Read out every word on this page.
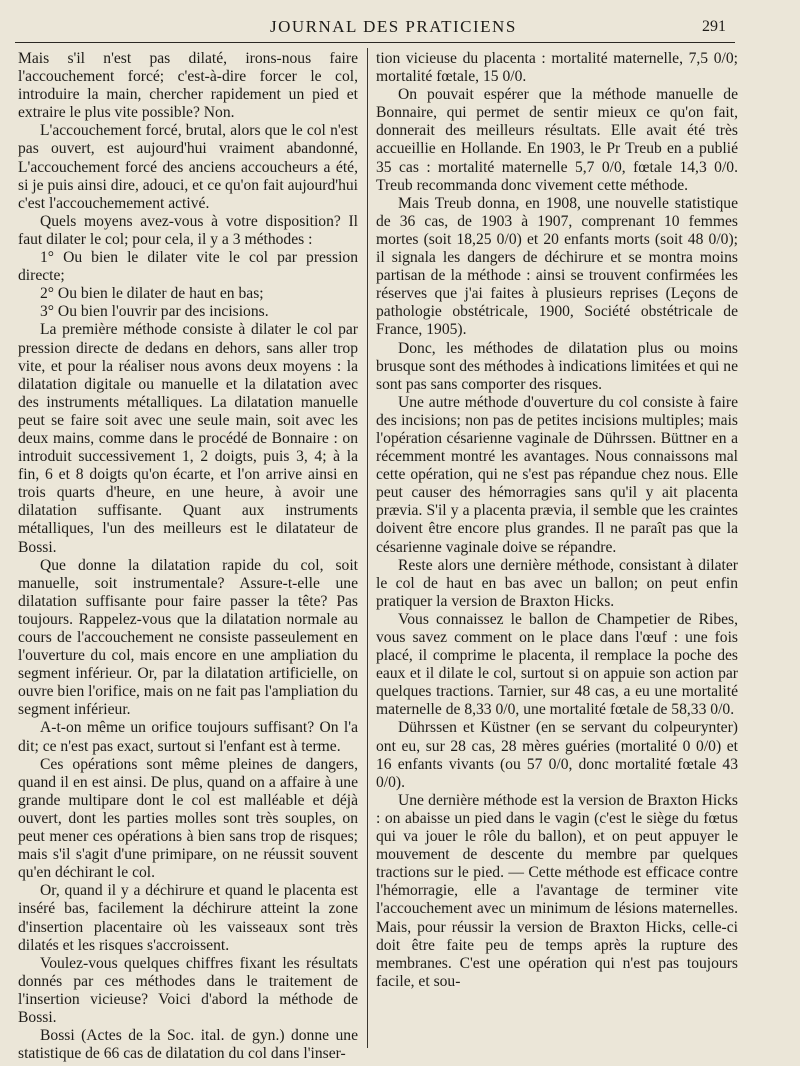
JOURNAL DES PRATICIENS	291

Mais s'il n'est pas dilaté, irons-nous faire l'accouchement forcé; c'est-à-dire forcer le col, introduire la main, chercher rapidement un pied et extraire le plus vite possible? Non.

L'accouchement forcé, brutal, alors que le col n'est pas ouvert, est aujourd'hui vraiment abandonné, L'accouchement forcé des anciens accoucheurs a été, si je puis ainsi dire, adouci, et ce qu'on fait aujourd'hui c'est l'accouchemement activé.

Quels moyens avez-vous à votre disposition? Il faut dilater le col; pour cela, il y a 3 méthodes :

1° Ou bien le dilater vite le col par pression directe;

2° Ou bien le dilater de haut en bas;

3° Ou bien l'ouvrir par des incisions.

La première méthode consiste à dilater le col par pression directe de dedans en dehors, sans aller trop vite, et pour la réaliser nous avons deux moyens : la dilatation digitale ou manuelle et la dilatation avec des instruments métalliques. La dilatation manuelle peut se faire soit avec une seule main, soit avec les deux mains, comme dans le procédé de Bonnaire : on introduit successivement 1, 2 doigts, puis 3, 4; à la fin, 6 et 8 doigts qu'on écarte, et l'on arrive ainsi en trois quarts d'heure, en une heure, à avoir une dilatation suffisante. Quant aux instruments métalliques, l'un des meilleurs est le dilatateur de Bossi.

Que donne la dilatation rapide du col, soit manuelle, soit instrumentale? Assure-t-elle une dilatation suffisante pour faire passer la tête? Pas toujours. Rappelez-vous que la dilatation normale au cours de l'accouchement ne consiste passeulement en l'ouverture du col, mais encore en une ampliation du segment inférieur. Or, par la dilatation artificielle, on ouvre bien l'orifice, mais on ne fait pas l'ampliation du segment inférieur.

A-t-on même un orifice toujours suffisant? On l'a dit; ce n'est pas exact, surtout si l'enfant est à terme.

Ces opérations sont même pleines de dangers, quand il en est ainsi. De plus, quand on a affaire à une grande multipare dont le col est malléable et déjà ouvert, dont les parties molles sont très souples, on peut mener ces opérations à bien sans trop de risques; mais s'il s'agit d'une primipare, on ne réussit souvent qu'en déchirant le col.

Or, quand il y a déchirure et quand le placenta est inséré bas, facilement la déchirure atteint la zone d'insertion placentaire où les vaisseaux sont très dilatés et les risques s'accroissent.

Voulez-vous quelques chiffres fixant les résultats donnés par ces méthodes dans le traitement de l'insertion vicieuse? Voici d'abord la méthode de Bossi.

Bossi (Actes de la Soc. ital. de gyn.) donne une statistique de 66 cas de dilatation du col dans l'inser-

tion vicieuse du placenta : mortalité maternelle, 7,5 0/0; mortalité fœtale, 15 0/0.

On pouvait espérer que la méthode manuelle de Bonnaire, qui permet de sentir mieux ce qu'on fait, donnerait des meilleurs résultats. Elle avait été très accueillie en Hollande. En 1903, le Pr Treub en a publié 35 cas : mortalité maternelle 5,7 0/0, fœtale 14,3 0/0. Treub recommanda donc vivement cette méthode.

Mais Treub donna, en 1908, une nouvelle statistique de 36 cas, de 1903 à 1907, comprenant 10 femmes mortes (soit 18,25 0/0) et 20 enfants morts (soit 48 0/0); il signala les dangers de déchirure et se montra moins partisan de la méthode : ainsi se trouvent confirmées les réserves que j'ai faites à plusieurs reprises (Leçons de pathologie obstétricale, 1900, Société obstétricale de France, 1905).

Donc, les méthodes de dilatation plus ou moins brusque sont des méthodes à indications limitées et qui ne sont pas sans comporter des risques.

Une autre méthode d'ouverture du col consiste à faire des incisions; non pas de petites incisions multiples; mais l'opération césarienne vaginale de Dührssen. Büttner en a récemment montré les avantages. Nous connaissons mal cette opération, qui ne s'est pas répandue chez nous. Elle peut causer des hémorragies sans qu'il y ait placenta prævia. S'il y a placenta prævia, il semble que les craintes doivent être encore plus grandes. Il ne paraît pas que la césarienne vaginale doive se répandre.

Reste alors une dernière méthode, consistant à dilater le col de haut en bas avec un ballon; on peut enfin pratiquer la version de Braxton Hicks.

Vous connaissez le ballon de Champetier de Ribes, vous savez comment on le place dans l'œuf : une fois placé, il comprime le placenta, il remplace la poche des eaux et il dilate le col, surtout si on appuie son action par quelques tractions. Tarnier, sur 48 cas, a eu une mortalité maternelle de 8,33 0/0, une mortalité fœtale de 58,33 0/0.

Dührssen et Küstner (en se servant du colpeurynter) ont eu, sur 28 cas, 28 mères guéries (mortalité 0 0/0) et 16 enfants vivants (ou 57 0/0, donc mortalité fœtale 43 0/0).

Une dernière méthode est la version de Braxton Hicks : on abaisse un pied dans le vagin (c'est le siège du fœtus qui va jouer le rôle du ballon), et on peut appuyer le mouvement de descente du membre par quelques tractions sur le pied. — Cette méthode est efficace contre l'hémorragie, elle a l'avantage de terminer vite l'accouchement avec un minimum de lésions maternelles. Mais, pour réussir la version de Braxton Hicks, celle-ci doit être faite peu de temps après la rupture des membranes. C'est une opération qui n'est pas toujours facile, et sou-
